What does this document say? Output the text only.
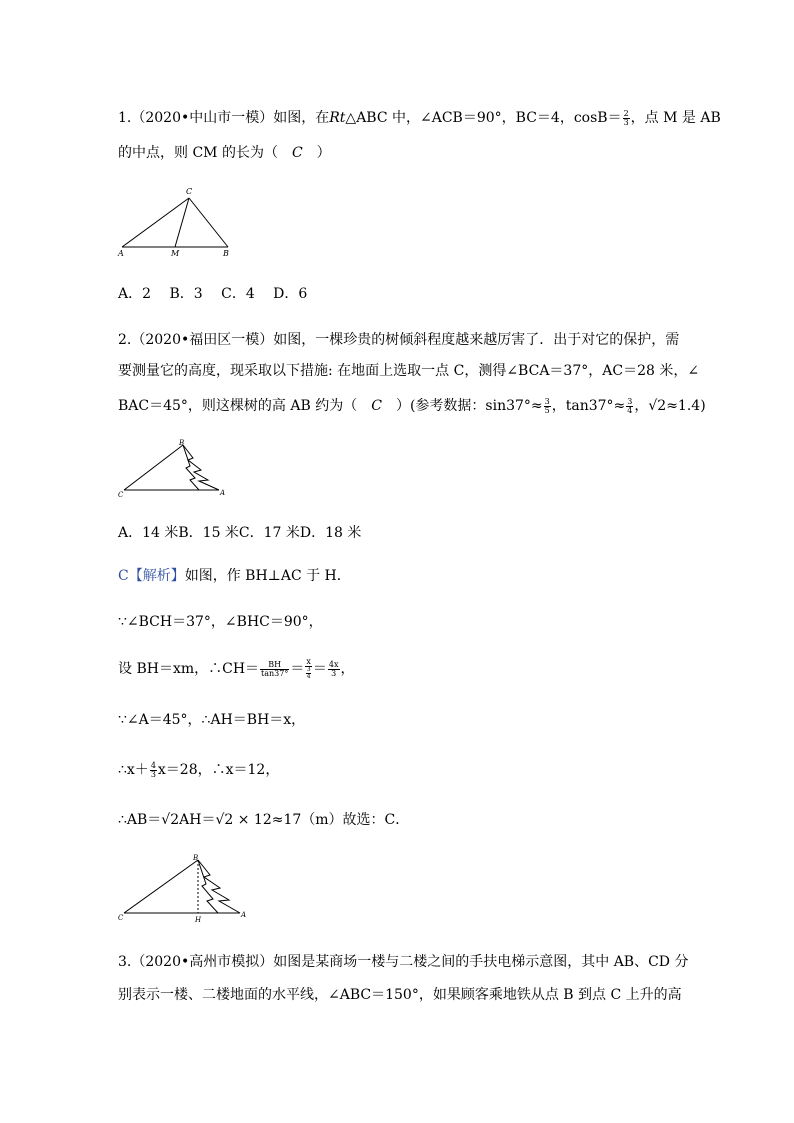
1.（2020•中山市一模）如图，在Rt△ABC 中，∠ACB＝90°，BC＝4，$\cos B= \frac{2}{3}$ ，点 M 是 AB
的中点，则 CM 的长为（　 C　 ）
C
A	M	B
A．2　 B．3　 C．4　 D．6
2.（2020•福田区一模）如图，一棵珍贵的树倾斜程度越来越厉害了．出于对它的保护，需
要测量它的高度，现采取以下措施: 在地面上选取一点 C，测得∠BCA＝37°，AC＝28 米，∠
BAC＝45°，则这棵树的高 AB 约为（　 C　 ）(参考数据：$\sin 37^\circ\approx \frac{3}{5}$ ，$\tan 37^\circ\approx \frac{3}{4}$ ，√2≈1.4)
B
C	A
A．14 米B．15 米C．17 米D．18 米
C【解析】如图，作 BH⊥AC 于 H．
∵∠BCH＝37°，∠BHC＝90°，
设 BH＝xm，∴CH＝ $\frac{BH}{\tan 37^\circ} = x$
3
$4 = \frac{4x}{3}$ ，
∵∠A＝45°，∴AH＝BH＝x，
∴x＋ $\frac{4}{3} x=28$，∴x＝12，
∴AB＝√2AH＝√2 × 12≈17（m）故选：C．
B
C	H
A
3.（2020•高州市模拟）如图是某商场一楼与二楼之间的手扶电梯示意图，其中 AB、CD 分
别表示一楼、二楼地面的水平线，∠ABC＝150°，如果顾客乘地铁从点 B 到点 C 上升的高
